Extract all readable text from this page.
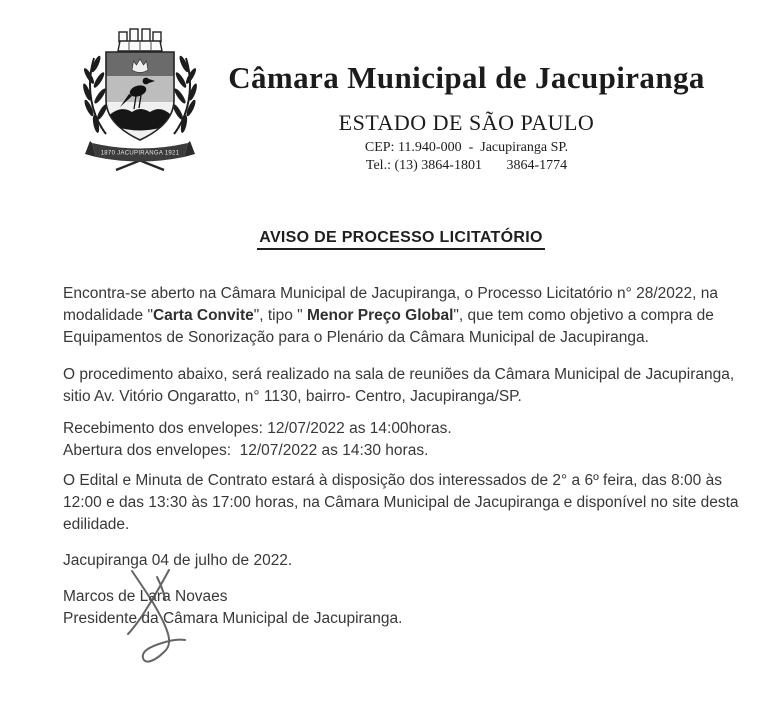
1870 JACUPIRANGA 1921
Câmara Municipal de Jacupiranga
ESTADO DE SÃO PAULO
CEP: 11.940-000  -  Jacupiranga SP.
Tel.: (13) 3864-1801       3864-1774
AVISO DE PROCESSO LICITATÓRIO

Encontra-se aberto na Câmara Municipal de Jacupiranga, o Processo Licitatório n° 28/2022, na modalidade "Carta Convite", tipo " Menor Preço Global", que tem como objetivo a compra de Equipamentos de Sonorização para o Plenário da Câmara Municipal de Jacupiranga.

O procedimento abaixo, será realizado na sala de reuniões da Câmara Municipal de Jacupiranga, sitio Av. Vitório Ongaratto, n° 1130, bairro- Centro, Jacupiranga/SP.

Recebimento dos envelopes: 12/07/2022 as 14:00horas.

Abertura dos envelopes:  12/07/2022 as 14:30 horas.

O Edital e Minuta de Contrato estará à disposição dos interessados de 2° a 6º feira, das 8:00 às 12:00 e das 13:30 às 17:00 horas, na Câmara Municipal de Jacupiranga e disponível no site desta edilidade.

Jacupiranga 04 de julho de 2022.

Marcos de Lara Novaes
Presidente da Câmara Municipal de Jacupiranga.
